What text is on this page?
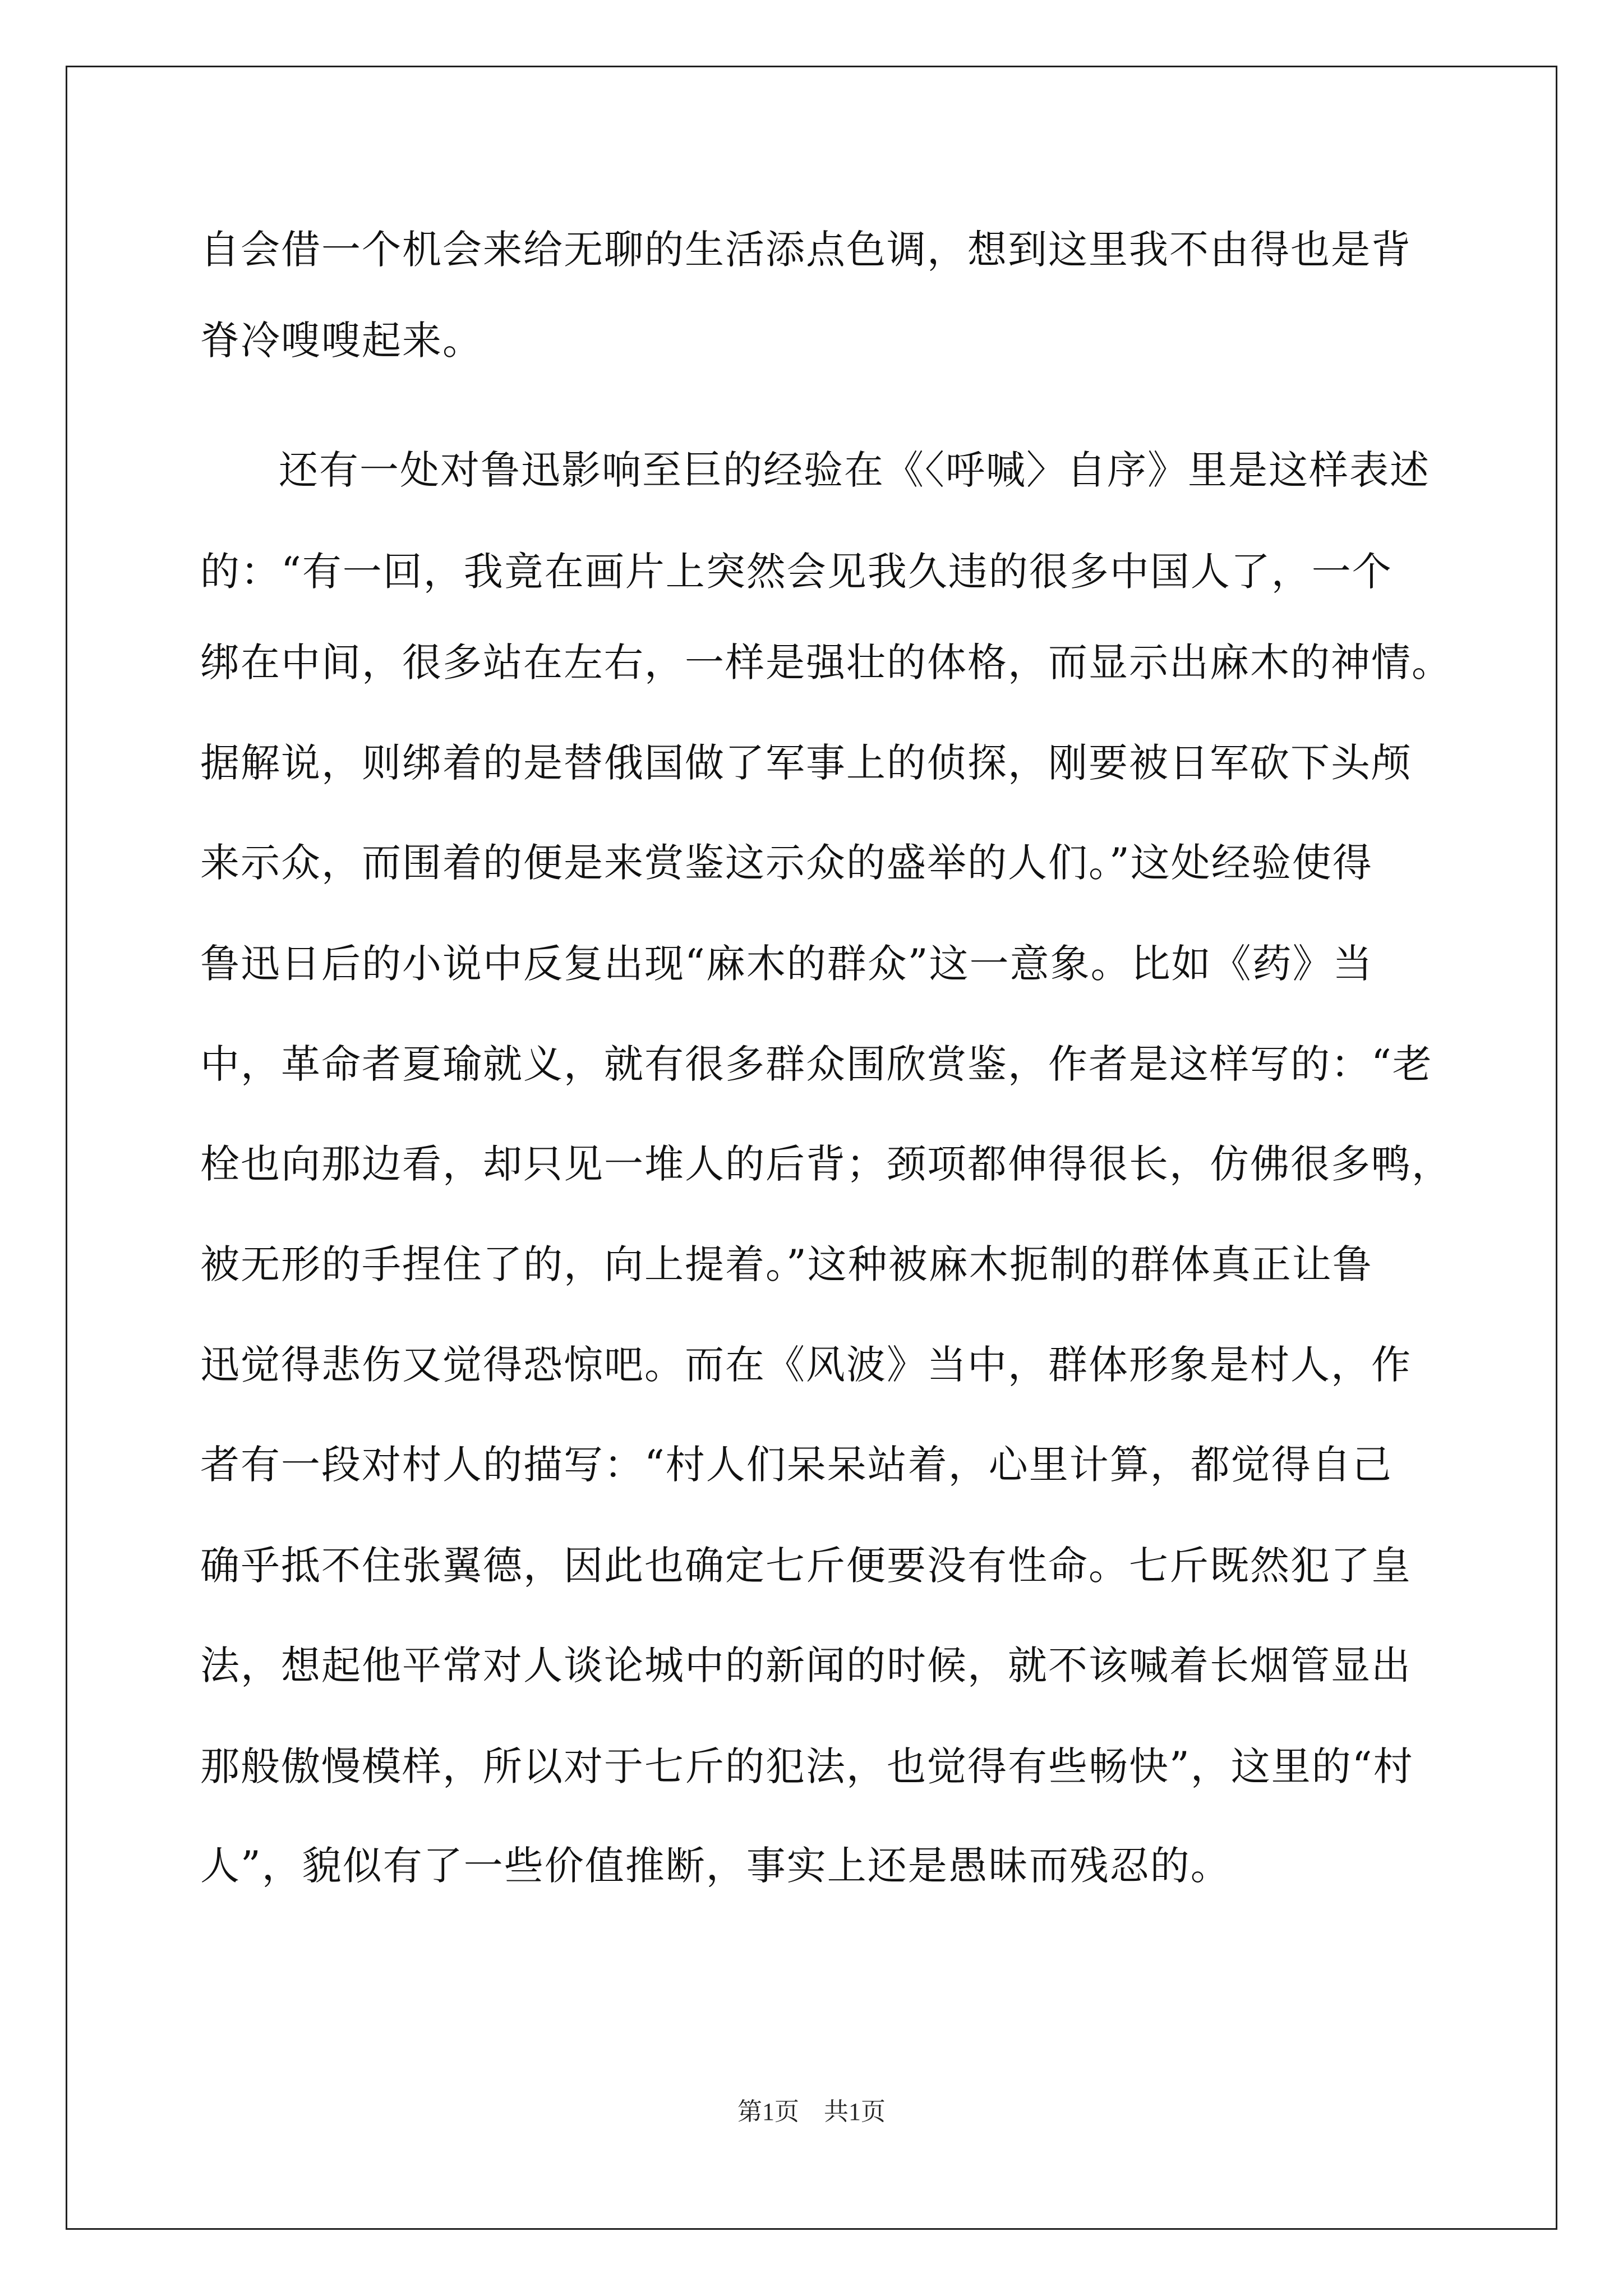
自会借一个机会来给无聊的生活添点色调，想到这里我不由得也是背
脊冷嗖嗖起来。
还有一处对鲁迅影响至巨的经验在《〈呼喊〉自序》里是这样表述
的：“有一回，我竟在画片上突然会见我久违的很多中国人了，一个
绑在中间，很多站在左右，一样是强壮的体格，而显示出麻木的神情。
据解说，则绑着的是替俄国做了军事上的侦探，刚要被日军砍下头颅
来示众，而围着的便是来赏鉴这示众的盛举的人们。”这处经验使得
鲁迅日后的小说中反复出现“麻木的群众”这一意象。比如《药》当
中，革命者夏瑜就义，就有很多群众围欣赏鉴，作者是这样写的：“老
栓也向那边看，却只见一堆人的后背；颈项都伸得很长，仿佛很多鸭，
被无形的手捏住了的，向上提着。”这种被麻木扼制的群体真正让鲁
迅觉得悲伤又觉得恐惊吧。而在《风波》当中，群体形象是村人，作
者有一段对村人的描写：“村人们呆呆站着，心里计算，都觉得自己
确乎抵不住张翼德，因此也确定七斤便要没有性命。七斤既然犯了皇
法，想起他平常对人谈论城中的新闻的时候，就不该喊着长烟管显出
那般傲慢模样，所以对于七斤的犯法，也觉得有些畅快”，这里的“村
人”，貌似有了一些价值推断，事实上还是愚昧而残忍的。
第1页　共1页
